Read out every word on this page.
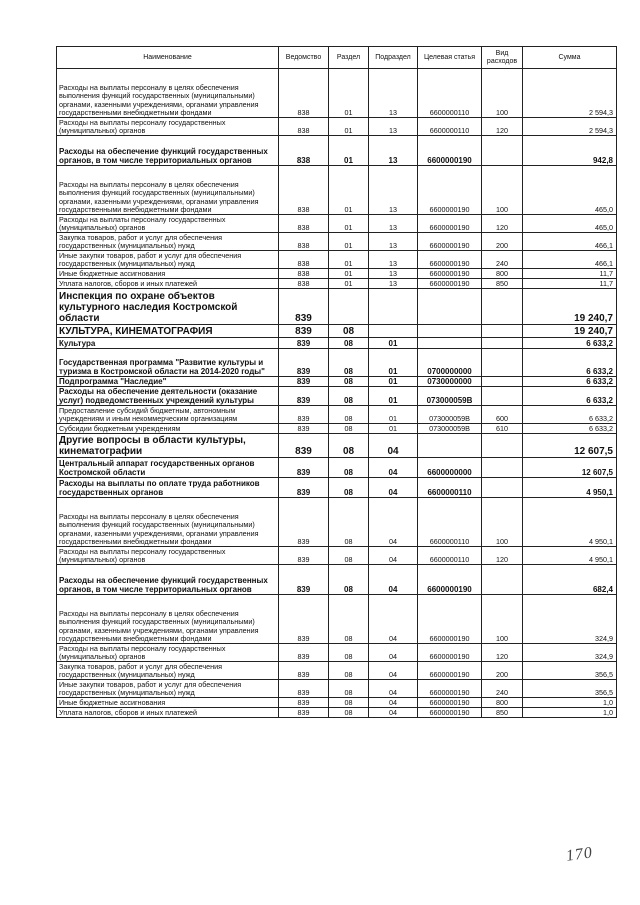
Наименование	Ведомство	Раздел	Подраздел	Целевая статья	Вид расходов	Сумма
Расходы на выплаты персоналу в целях обеспечения выполнения функций государственных (муниципальными) органами, казенными учреждениями, органами управления государственными внебюджетными фондами	838	01	13	6600000110	100	2 594,3
Расходы на выплаты персоналу государственных (муниципальных) органов	838	01	13	6600000110	120	2 594,3
Расходы на обеспечение функций государственных органов, в том числе территориальных органов	838	01	13	6600000190		942,8
Расходы на выплаты персоналу в целях обеспечения выполнения функций государственных (муниципальными) органами, казенными учреждениями, органами управления государственными внебюджетными фондами	838	01	13	6600000190	100	465,0
Расходы на выплаты персоналу государственных (муниципальных) органов	838	01	13	6600000190	120	465,0
Закупка товаров, работ и услуг для обеспечения государственных (муниципальных) нужд	838	01	13	6600000190	200	466,1
Иные закупки товаров, работ и услуг для обеспечения государственных (муниципальных) нужд	838	01	13	6600000190	240	466,1
Иные бюджетные ассигнования	838	01	13	6600000190	800	11,7
Уплата налогов, сборов и иных платежей	838	01	13	6600000190	850	11,7
Инспекция по охране объектов культурного наследия Костромской области	839					19 240,7
КУЛЬТУРА, КИНЕМАТОГРАФИЯ	839	08				19 240,7
Культура	839	08	01			6 633,2
Государственная программа "Развитие культуры и туризма в Костромской области на 2014-2020 годы"	839	08	01	0700000000		6 633,2
Подпрограмма "Наследие"	839	08	01	0730000000		6 633,2
Расходы на обеспечение деятельности (оказание услуг) подведомственных учреждений культуры	839	08	01	073000059В		6 633,2
Предоставление субсидий бюджетным, автономным учреждениям и иным некоммерческим организациям	839	08	01	073000059В	600	6 633,2
Субсидии бюджетным учреждениям	839	08	01	073000059В	610	6 633,2
Другие вопросы в области культуры, кинематографии	839	08	04			12 607,5
Центральный аппарат государственных органов Костромской области	839	08	04	6600000000		12 607,5
Расходы на выплаты по оплате труда работников государственных органов	839	08	04	6600000110		4 950,1
Расходы на выплаты персоналу в целях обеспечения выполнения функций государственных (муниципальными) органами, казенными учреждениями, органами управления государственными внебюджетными фондами	839	08	04	6600000110	100	4 950,1
Расходы на выплаты персоналу государственных (муниципальных) органов	839	08	04	6600000110	120	4 950,1
Расходы на обеспечение функций государственных органов, в том числе территориальных органов	839	08	04	6600000190		682,4
Расходы на выплаты персоналу в целях обеспечения выполнения функций государственных (муниципальными) органами, казенными учреждениями, органами управления государственными внебюджетными фондами	839	08	04	6600000190	100	324,9
Расходы на выплаты персоналу государственных (муниципальных) органов	839	08	04	6600000190	120	324,9
Закупка товаров, работ и услуг для обеспечения государственных (муниципальных) нужд	839	08	04	6600000190	200	356,5
Иные закупки товаров, работ и услуг для обеспечения государственных (муниципальных) нужд	839	08	04	6600000190	240	356,5
Иные бюджетные ассигнования	839	08	04	6600000190	800	1,0
Уплата налогов, сборов и иных платежей	839	08	04	6600000190	850	1,0
170
